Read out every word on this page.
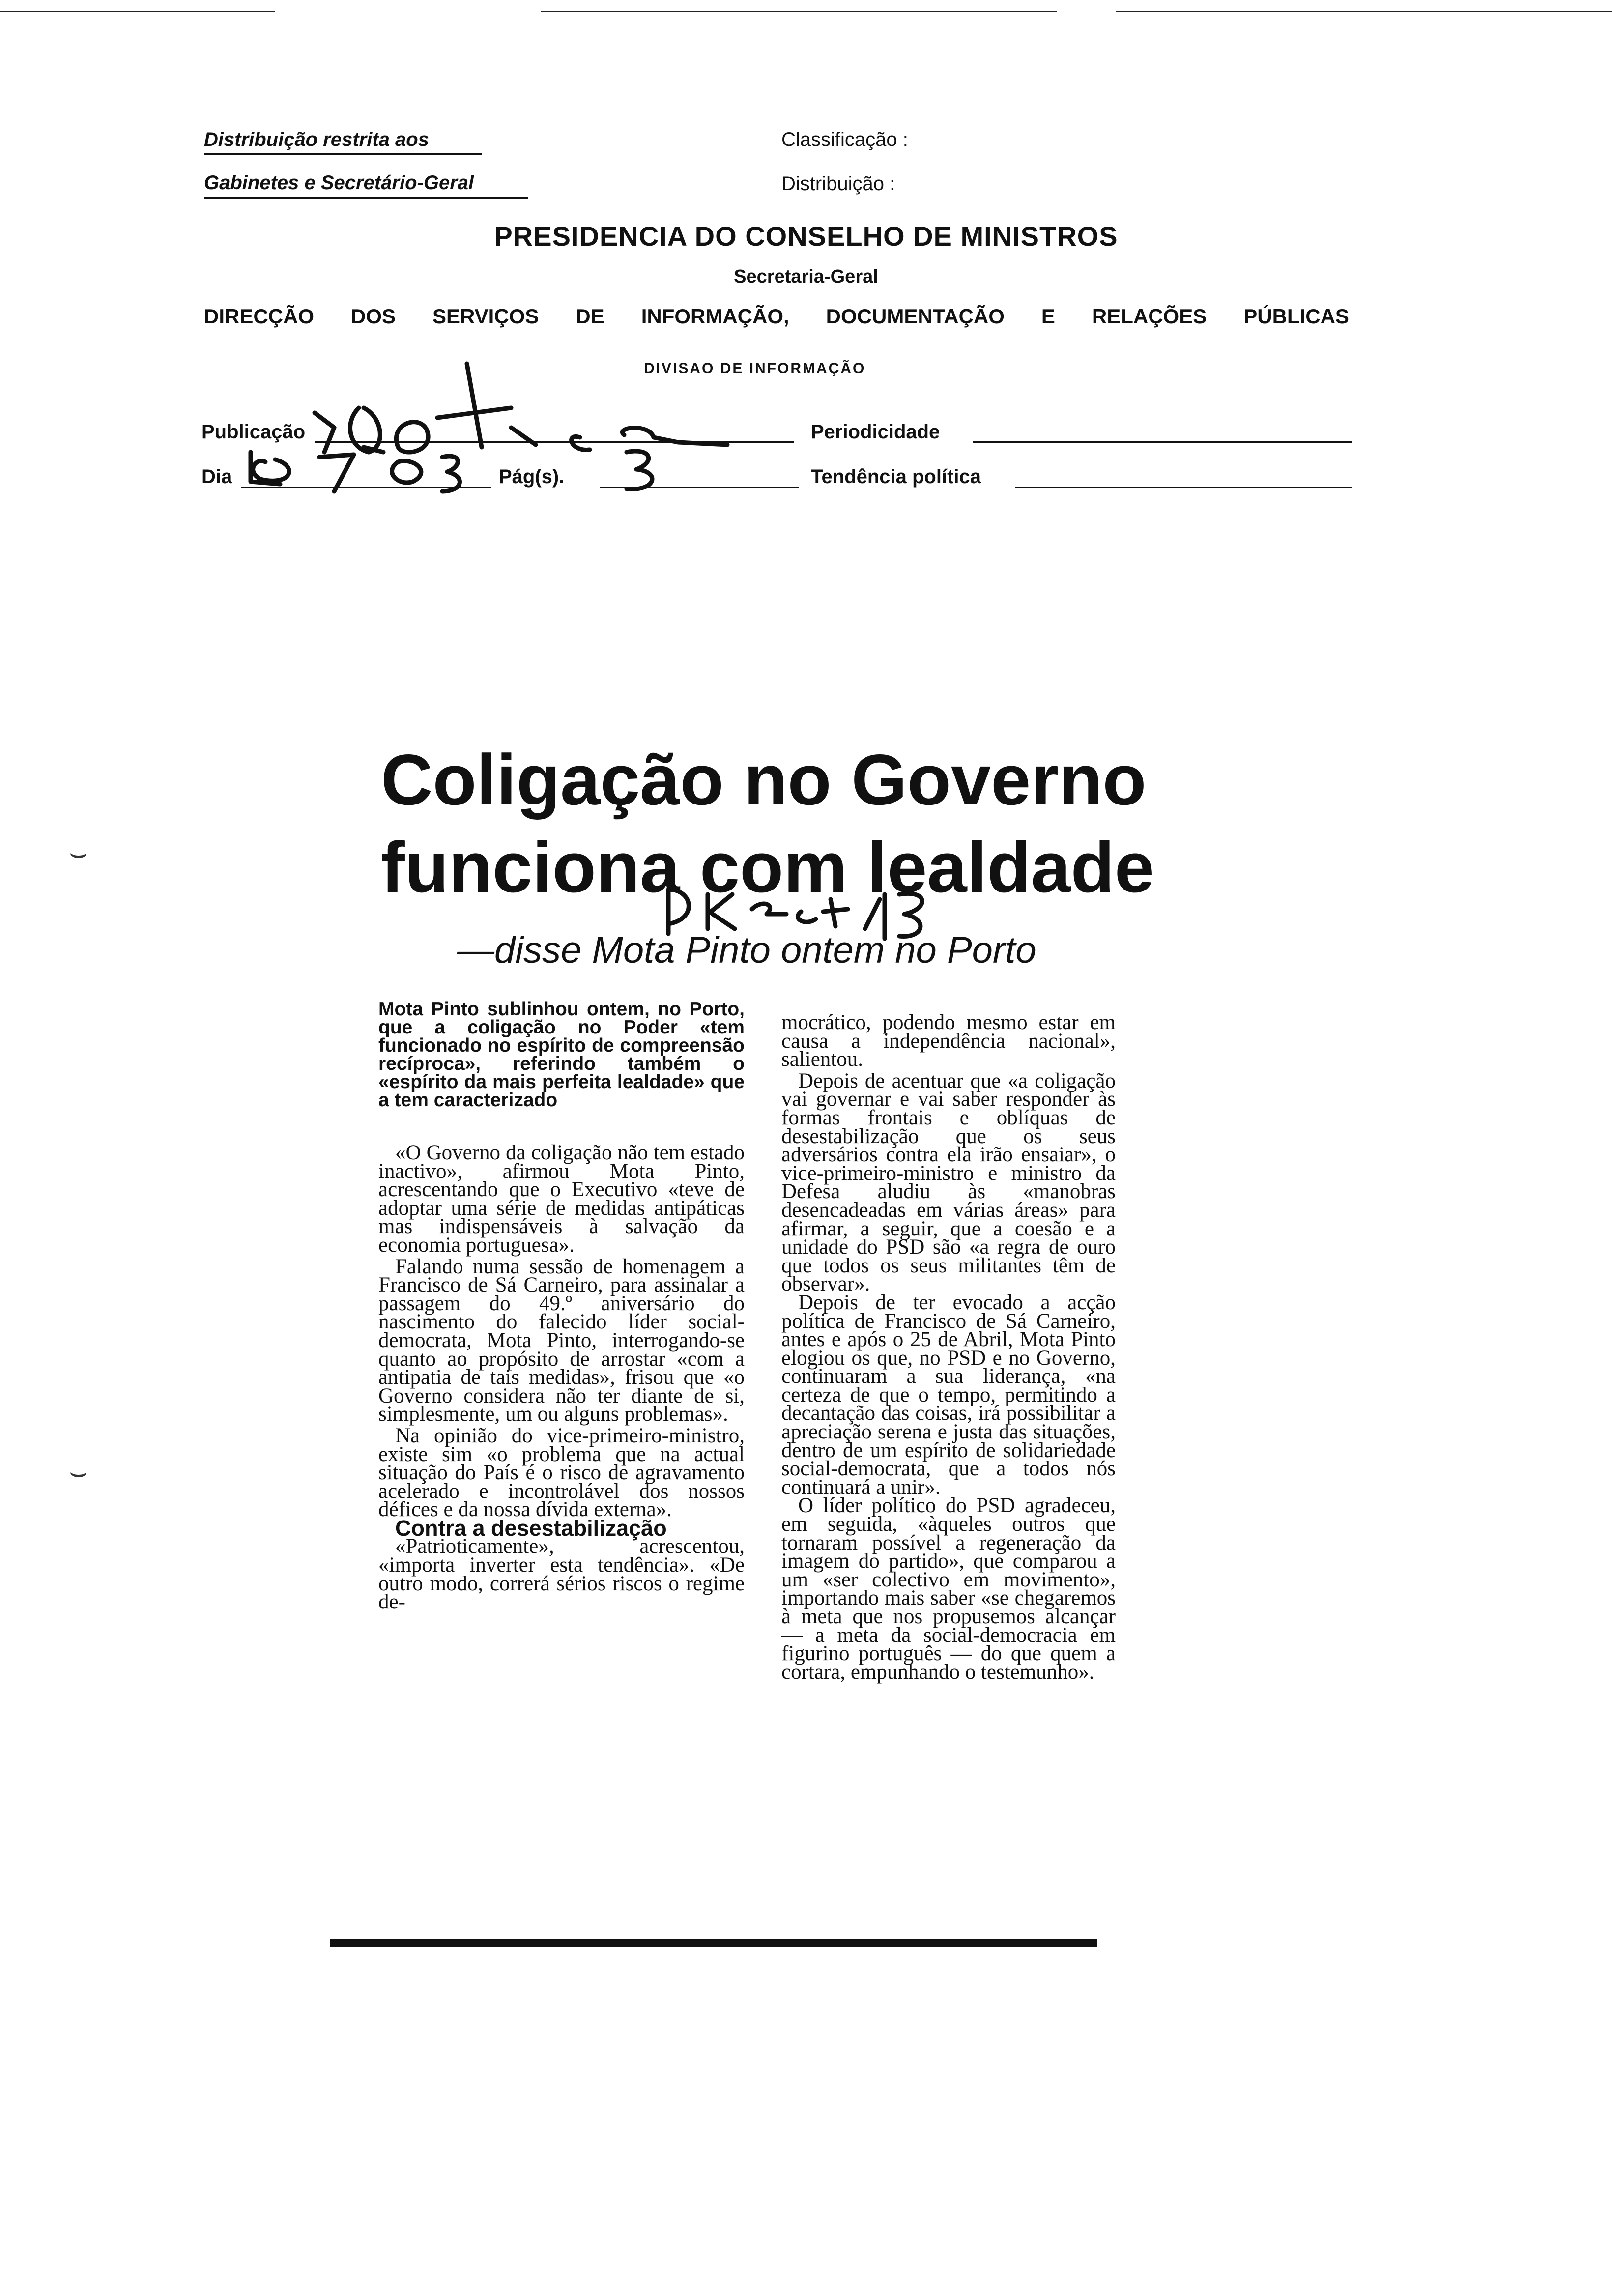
⌣
⌣
Distribuição restrita aos
Gabinetes e Secretário-Geral
Classificação :
Distribuição :
PRESIDENCIA DO CONSELHO DE MINISTROS
Secretaria-Geral
DIRECÇÃO DOS SERVIÇOS DE INFORMAÇÃO, DOCUMENTAÇÃO E RELAÇÕES PÚBLICAS
DIVISAO DE INFORMAÇÃO
Publicação	Periodicidade
Dia	Pág(s).	Tendência política
Coligação no Governo
funciona com lealdade
—disse Mota Pinto ontem no Porto

Mota Pinto sublinhou ontem, no Porto, que a coligação no Poder «tem funcionado no espírito de compreensão recíproca», referindo também o «espírito da mais perfeita lealdade» que a tem caracterizado

«O Governo da coligação não tem estado inactivo», afirmou Mota Pinto, acrescentando que o Executivo «teve de adoptar uma série de medidas antipáticas mas indispensáveis à salvação da economia portuguesa».

Falando numa sessão de homenagem a Francisco de Sá Carneiro, para assinalar a passagem do 49.º aniversário do nascimento do falecido líder social-democrata, Mota Pinto, interrogando-se quanto ao propósito de arrostar «com a antipatia de tais medidas», frisou que «o Governo considera não ter diante de si, simplesmente, um ou alguns problemas».

Na opinião do vice-primeiro-ministro, existe sim «o problema que na actual situação do País é o risco de agravamento acelerado e incontrolável dos nossos défices e da nossa dívida externa».

Contra a desestabilização

«Patrioticamente», acrescentou, «importa inverter esta tendência». «De outro modo, correrá sérios riscos o regime de-

mocrático, podendo mesmo estar em causa a independência nacional», salientou.

Depois de acentuar que «a coligação vai governar e vai saber responder às formas frontais e oblíquas de desestabilização que os seus adversários contra ela irão ensaiar», o vice-primeiro-ministro e ministro da Defesa aludiu às «manobras desencadeadas em várias áreas» para afirmar, a seguir, que a coesão e a unidade do PSD são «a regra de ouro que todos os seus militantes têm de observar».

Depois de ter evocado a acção política de Francisco de Sá Carneiro, antes e após o 25 de Abril, Mota Pinto elogiou os que, no PSD e no Governo, continuaram a sua liderança, «na certeza de que o tempo, permitindo a decantação das coisas, irá possibilitar a apreciação serena e justa das situações, dentro de um espírito de solidariedade social-democrata, que a todos nós continuará a unir».

O líder político do PSD agradeceu, em seguida, «àqueles outros que tornaram possível a regeneração da imagem do partido», que comparou a um «ser colectivo em movimento», importando mais saber «se chegaremos à meta que nos propusemos alcançar — a meta da social-democracia em figurino português — do que quem a cortara, empunhando o testemunho».
